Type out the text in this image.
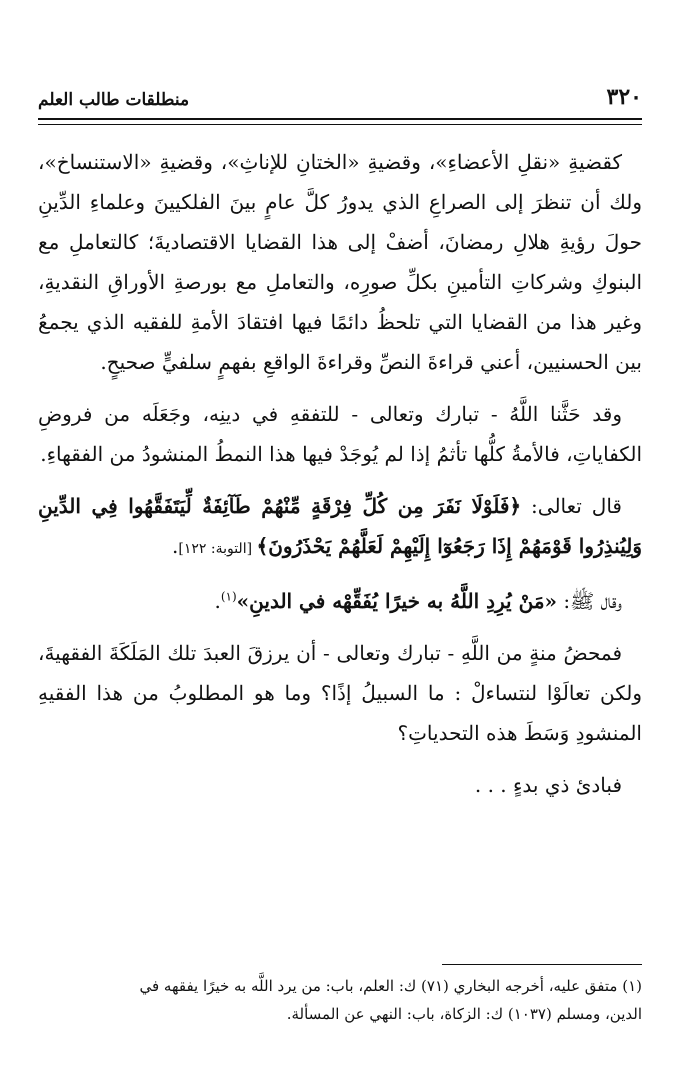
٣٢٠
منطلقات طالب العلم

كقضيةِ «نقلِ الأعضاءِ»، وقضيةِ «الختانِ للإناثِ»، وقضيةِ «الاستنساخ»، ولك أن تنظرَ إلى الصراعِ الذي يدورُ كلَّ عامٍ بينَ الفلكيينَ وعلماءِ الدِّينِ حولَ رؤيةِ هلالِ رمضانَ، أضفْ إلى هذا القضايا الاقتصاديةَ؛ كالتعاملِ مع البنوكِ وشركاتِ التأمينِ بكلِّ صورِه، والتعاملِ مع بورصةِ الأوراقِ النقديةِ، وغير هذا من القضايا التي تلحظُ دائمًا فيها افتقادَ الأمةِ للفقيه الذي يجمعُ بين الحسنيين، أعني قراءةَ النصِّ وقراءةَ الواقعِ بفهمٍ سلفيٍّ صحيحٍ.

وقد حَثَّنا اللَّهُ - تبارك وتعالى - للتفقهِ في دينِه، وجَعَلَه من فروضِ الكفاياتِ، فالأمةُ كلُّها تأثمُ إذا لم يُوجَدْ فيها هذا النمطُ المنشودُ من الفقهاءِ.

قال تعالى: ﴿فَلَوْلَا نَفَرَ مِن كُلِّ فِرْقَةٍ مِّنْهُمْ طَآئِفَةٌ لِّيَتَفَقَّهُوا فِي الدِّينِ وَلِيُنذِرُوا قَوْمَهُمْ إِذَا رَجَعُوٓا إِلَيْهِمْ لَعَلَّهُمْ يَحْذَرُونَ﴾ [التوبة: ١٢٢].

وقال ﷺ: «مَنْ يُرِدِ اللَّهُ به خيرًا يُفَقِّهْه في الدينِ»$^{(١)}$.

فمحضُ منةٍ من اللَّهِ - تبارك وتعالى - أن يرزقَ العبدَ تلك المَلَكَةَ الفقهيةَ، ولكن تعالَوْا لنتساءلْ : ما السبيلُ إذًا؟ وما هو المطلوبُ من هذا الفقيهِ المنشودِ وَسَطَ هذه التحدياتِ؟

فبادئ ذي بدءٍ . . .

(١) متفق عليه، أخرجه البخاري (٧١) ك: العلم، باب: من يرد اللَّه به خيرًا يفقهه في

الدين، ومسلم (١٠٣٧) ك: الزكاة، باب: النهي عن المسألة.
